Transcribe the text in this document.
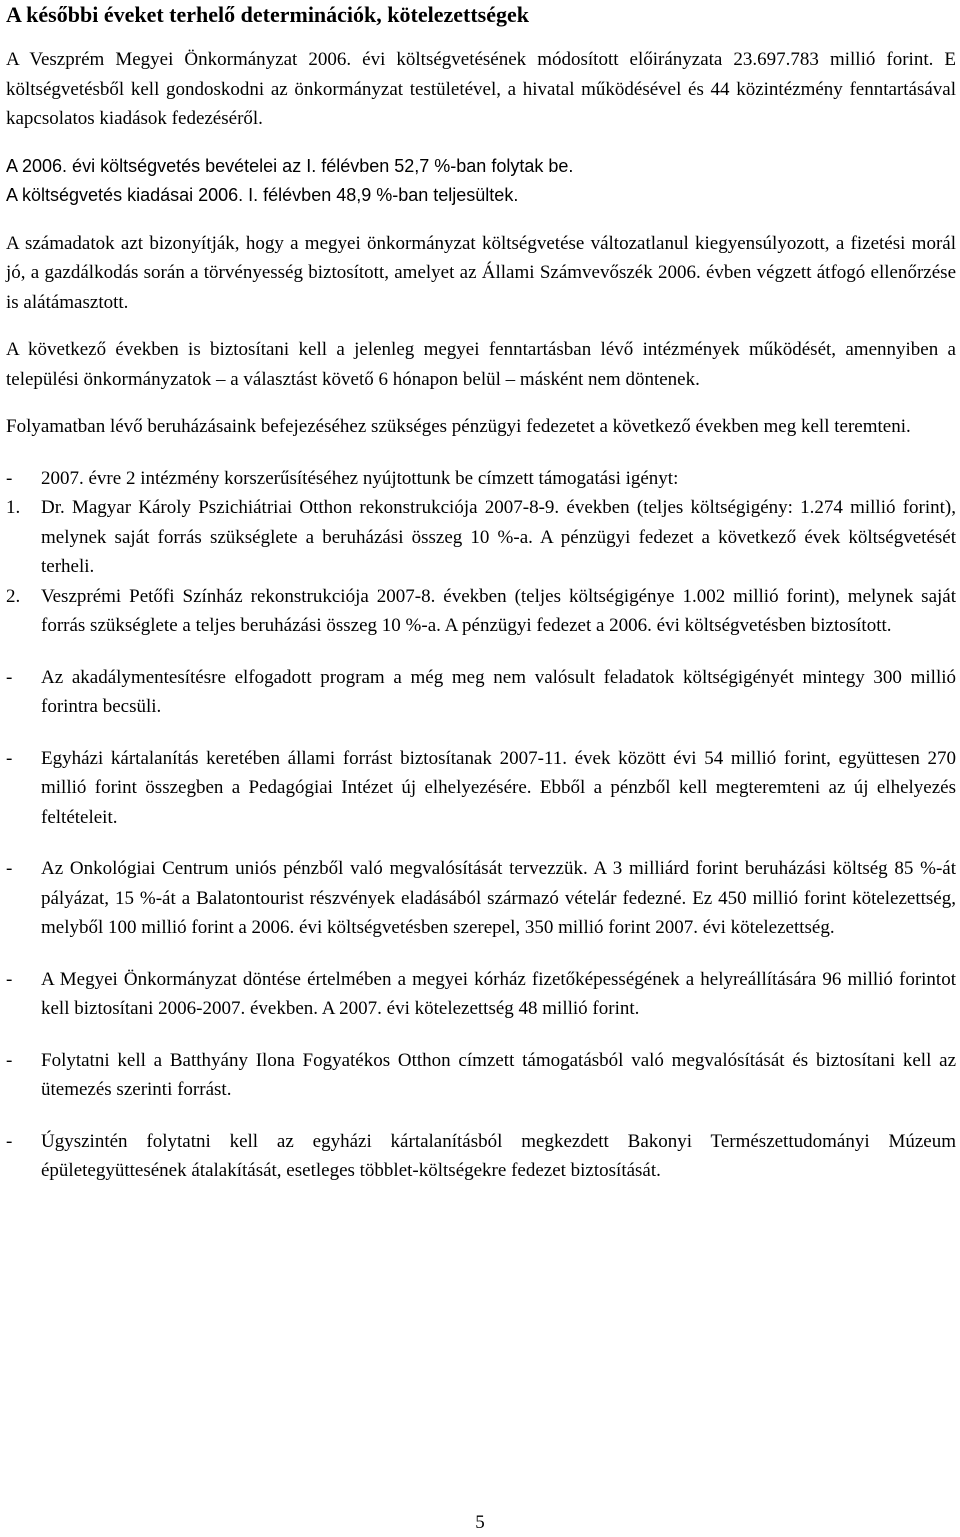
A későbbi éveket terhelő determinációk, kötelezettségek

A Veszprém Megyei Önkormányzat 2006. évi költségvetésének módosított előirányzata 23.697.783 millió forint. E költségvetésből kell gondoskodni az önkormányzat testületével, a hivatal működésével és 44 közintézmény fenntartásával kapcsolatos kiadások fedezéséről.

A 2006. évi költségvetés bevételei az I. félévben 52,7 %-ban folytak be.

A költségvetés kiadásai 2006. I. félévben 48,9 %-ban teljesültek.

A számadatok azt bizonyítják, hogy a megyei önkormányzat költségvetése változatlanul kiegyensúlyozott, a fizetési morál jó, a gazdálkodás során a törvényesség biztosított, amelyet az Állami Számvevőszék 2006. évben végzett átfogó ellenőrzése is alátámasztott.

A következő években is biztosítani kell a jelenleg megyei fenntartásban lévő intézmények működését, amennyiben a települési önkormányzatok – a választást követő 6 hónapon belül – másként nem döntenek.

Folyamatban lévő beruházásaink befejezéséhez szükséges pénzügyi fedezetet a következő években meg kell teremteni.

- 2007. évre 2 intézmény korszerűsítéséhez nyújtottunk be címzett támogatási igényt:

1. Dr. Magyar Károly Pszichiátriai Otthon rekonstrukciója 2007-8-9. években (teljes költségigény: 1.274 millió forint), melynek saját forrás szükséglete a beruházási összeg 10 %-a. A pénzügyi fedezet a következő évek költségvetését terheli.

2. Veszprémi Petőfi Színház rekonstrukciója 2007-8. években (teljes költségigénye 1.002 millió forint), melynek saját forrás szükséglete a teljes beruházási összeg 10 %-a. A pénzügyi fedezet a 2006. évi költségvetésben biztosított.

- Az akadálymentesítésre elfogadott program a még meg nem valósult feladatok költségigényét mintegy 300 millió forintra becsüli.

- Egyházi kártalanítás keretében állami forrást biztosítanak 2007-11. évek között évi 54 millió forint, együttesen 270 millió forint összegben a Pedagógiai Intézet új elhelyezésére. Ebből a pénzből kell megteremteni az új elhelyezés feltételeit.

- Az Onkológiai Centrum uniós pénzből való megvalósítását tervezzük. A 3 milliárd forint beruházási költség 85 %-át pályázat, 15 %-át a Balatontourist részvények eladásából származó vételár fedezné. Ez 450 millió forint kötelezettség, melyből 100 millió forint a 2006. évi költségvetésben szerepel, 350 millió forint 2007. évi kötelezettség.

- A Megyei Önkormányzat döntése értelmében a megyei kórház fizetőképességének a helyreállítására 96 millió forintot kell biztosítani 2006-2007. években. A 2007. évi kötelezettség 48 millió forint.

- Folytatni kell a Batthyány Ilona Fogyatékos Otthon címzett támogatásból való megvalósítását és biztosítani kell az ütemezés szerinti forrást.

- Úgyszintén folytatni kell az egyházi kártalanításból megkezdett Bakonyi Természettudományi Múzeum épületegyüttesének átalakítását, esetleges többlet-költségekre fedezet biztosítását.

5
